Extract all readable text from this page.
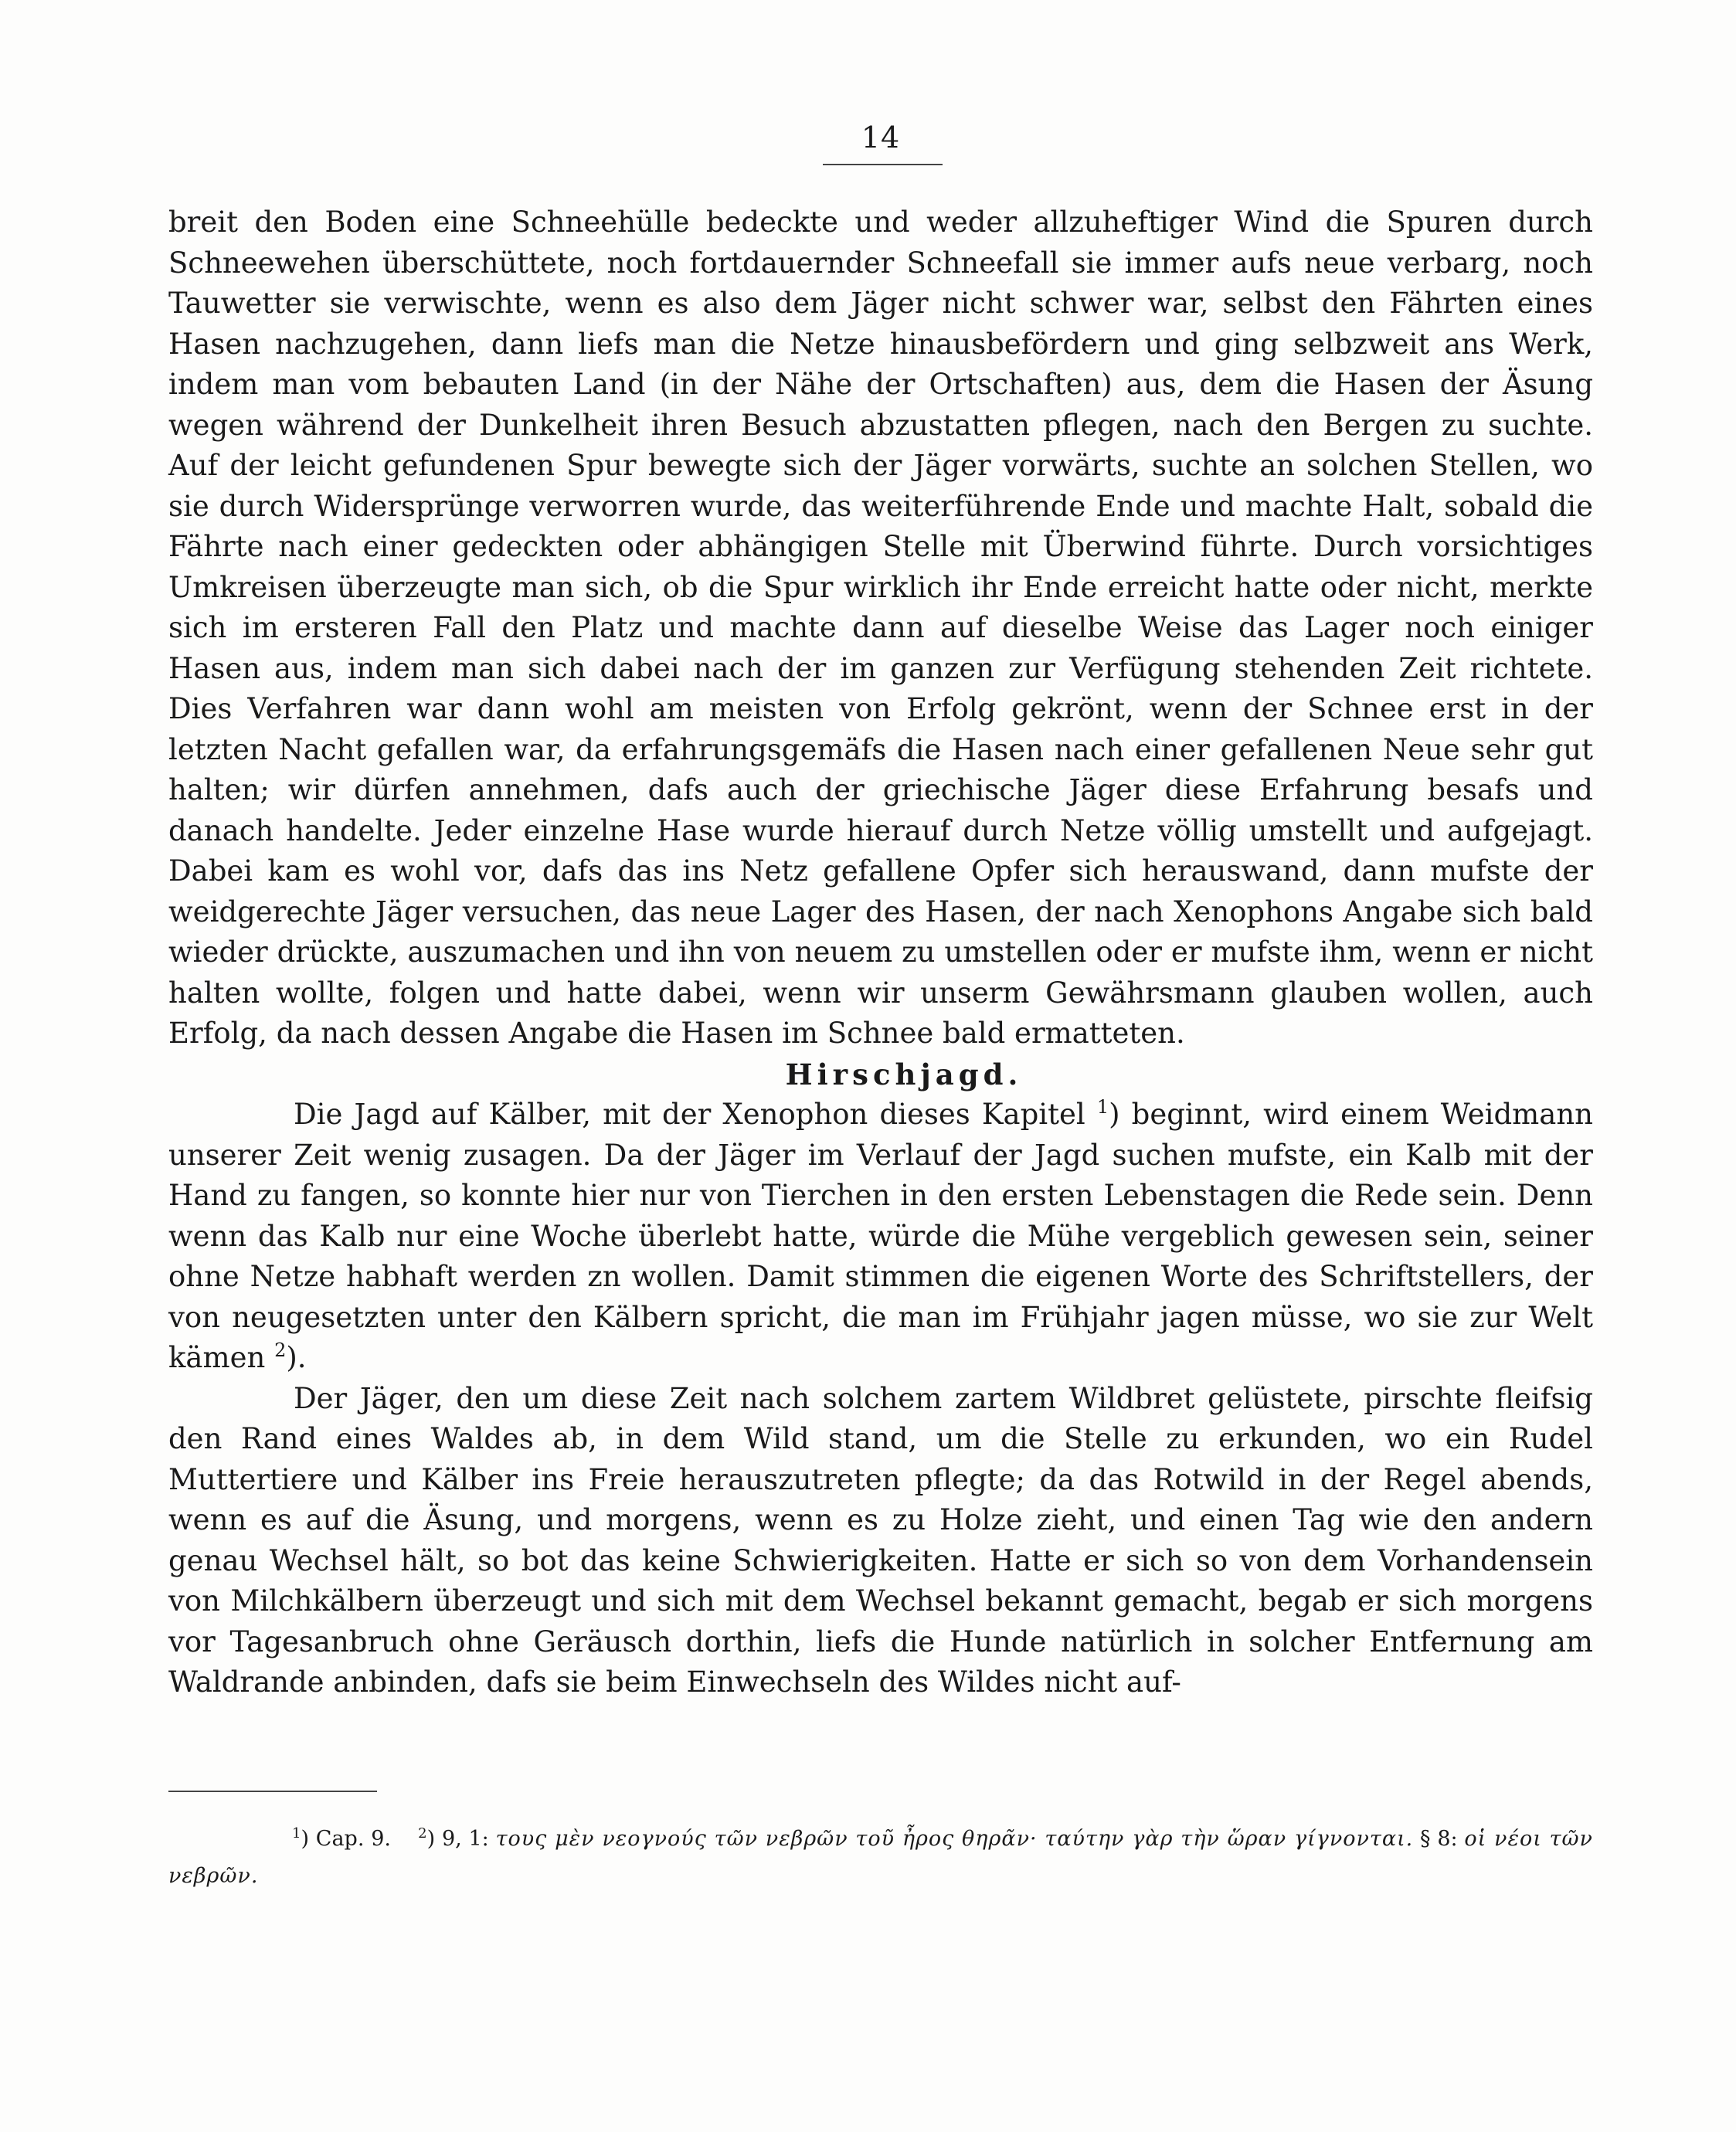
14

breit den Boden eine Schneehülle bedeckte und weder allzuheftiger Wind die Spuren durch Schneewehen überschüttete, noch fortdauernder Schneefall sie immer aufs neue verbarg, noch Tauwetter sie verwischte, wenn es also dem Jäger nicht schwer war, selbst den Fährten eines Hasen nachzugehen, dann liefs man die Netze hinausbefördern und ging selbzweit ans Werk, indem man vom bebauten Land (in der Nähe der Ortschaften) aus, dem die Hasen der Äsung wegen während der Dunkelheit ihren Besuch abzustatten pflegen, nach den Bergen zu suchte. Auf der leicht gefundenen Spur bewegte sich der Jäger vorwärts, suchte an solchen Stellen, wo sie durch Widersprünge verworren wurde, das weiterführende Ende und machte Halt, sobald die Fährte nach einer gedeckten oder abhängigen Stelle mit Überwind führte. Durch vorsichtiges Umkreisen überzeugte man sich, ob die Spur wirklich ihr Ende erreicht hatte oder nicht, merkte sich im ersteren Fall den Platz und machte dann auf dieselbe Weise das Lager noch einiger Hasen aus, indem man sich dabei nach der im ganzen zur Verfügung stehenden Zeit richtete. Dies Verfahren war dann wohl am meisten von Erfolg gekrönt, wenn der Schnee erst in der letzten Nacht gefallen war, da erfahrungsgemäfs die Hasen nach einer gefallenen Neue sehr gut halten; wir dürfen annehmen, dafs auch der griechische Jäger diese Erfahrung besafs und danach handelte. Jeder einzelne Hase wurde hierauf durch Netze völlig umstellt und aufgejagt. Dabei kam es wohl vor, dafs das ins Netz gefallene Opfer sich herauswand, dann mufste der weidgerechte Jäger versuchen, das neue Lager des Hasen, der nach Xenophons Angabe sich bald wieder drückte, auszumachen und ihn von neuem zu umstellen oder er mufste ihm, wenn er nicht halten wollte, folgen und hatte dabei, wenn wir unserm Gewährsmann glauben wollen, auch Erfolg, da nach dessen Angabe die Hasen im Schnee bald ermatteten.

Hirschjagd.

Die Jagd auf Kälber, mit der Xenophon dieses Kapitel $^1$) beginnt, wird einem Weidmann unserer Zeit wenig zusagen. Da der Jäger im Verlauf der Jagd suchen mufste, ein Kalb mit der Hand zu fangen, so konnte hier nur von Tierchen in den ersten Lebenstagen die Rede sein. Denn wenn das Kalb nur eine Woche überlebt hatte, würde die Mühe vergeblich gewesen sein, seiner ohne Netze habhaft werden zn wollen. Damit stimmen die eigenen Worte des Schriftstellers, der von neugesetzten unter den Kälbern spricht, die man im Frühjahr jagen müsse, wo sie zur Welt kämen $^2$).

Der Jäger, den um diese Zeit nach solchem zartem Wildbret gelüstete, pirschte fleifsig den Rand eines Waldes ab, in dem Wild stand, um die Stelle zu erkunden, wo ein Rudel Muttertiere und Kälber ins Freie herauszutreten pflegte; da das Rotwild in der Regel abends, wenn es auf die Äsung, und morgens, wenn es zu Holze zieht, und einen Tag wie den andern genau Wechsel hält, so bot das keine Schwierigkeiten. Hatte er sich so von dem Vorhandensein von Milchkälbern überzeugt und sich mit dem Wechsel bekannt gemacht, begab er sich morgens vor Tagesanbruch ohne Geräusch dorthin, liefs die Hunde natürlich in solcher Entfernung am Waldrande anbinden, dafs sie beim Einwechseln des Wildes nicht auf-

$^1$) Cap. 9. $^2$) 9, 1: τους μὲν νεογνούς τῶν νεβρῶν τοῦ ἦρος θηρᾶν· ταύτην γὰρ τὴν ὥραν γίγνονται. § 8: οἱ νέοι τῶν νεβρῶν.
